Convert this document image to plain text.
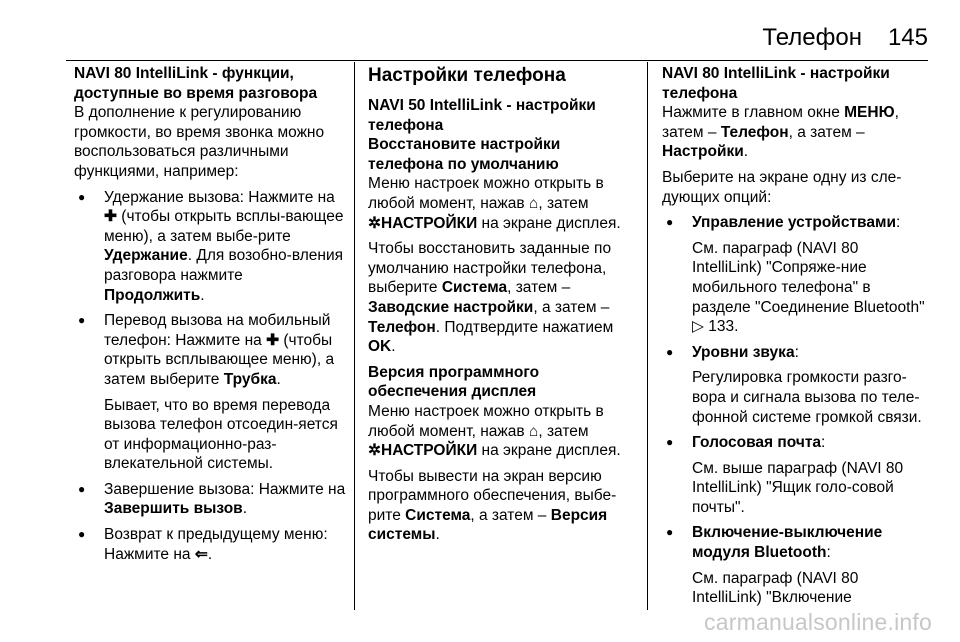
Телефон 145
NAVI 80 IntelliLink - функции,
доступные во время разговора

В дополнение к регулированию громкости, во время звонка можно воспользоваться различными функциями, например:

● Удержание вызова: Нажмите на ✚ (чтобы открыть всплы-вающее меню), а затем выбе-рите Удержание. Для возобно-вления разговора нажмите Продолжить.
● Перевод вызова на мобильный телефон: Нажмите на ✚ (чтобы открыть всплывающее меню), а затем выберите Трубка.
Бывает, что во время перевода вызова телефон отсоедин-яется от информационно-раз-влекательной системы.
● Завершение вызова: Нажмите на Завершить вызов.
● Возврат к предыдущему меню: Нажмите на ⇐.
Настройки телефона
NAVI 50 IntelliLink - настройки телефона
Восстановите настройки телефона по умолчанию

Меню настроек можно открыть в любой момент, нажав ⌂, затем ✲НАСТРОЙКИ на экране дисплея.

Чтобы восстановить заданные по умолчанию настройки телефона, выберите Система, затем – Заводские настройки, а затем – Телефон. Подтвердите нажатием OK.

Версия программного обеспечения дисплея

Меню настроек можно открыть в любой момент, нажав ⌂, затем ✲НАСТРОЙКИ на экране дисплея.

Чтобы вывести на экран версию программного обеспечения, выбе-рите Система, а затем – Версия системы.

NAVI 80 IntelliLink - настройки телефона

Нажмите в главном окне МЕНЮ, затем – Телефон, а затем – Настройки.

Выберите на экране одну из сле-дующих опций:

● Управление устройствами:
См. параграф (NAVI 80 IntelliLink) "Сопряже-ние мобильного телефона" в разделе "Соединение Bluetooth" ▷ 133.
● Уровни звука:
Регулировка громкости разго-вора и сигнала вызова по теле-фонной системе громкой связи.
● Голосовая почта:
См. выше параграф (NAVI 80 IntelliLink) "Ящик голо-совой почты".
● Включение-выключение модуля Bluetooth:
См. параграф (NAVI 80 IntelliLink) "Включение
carmanualsonline.info
